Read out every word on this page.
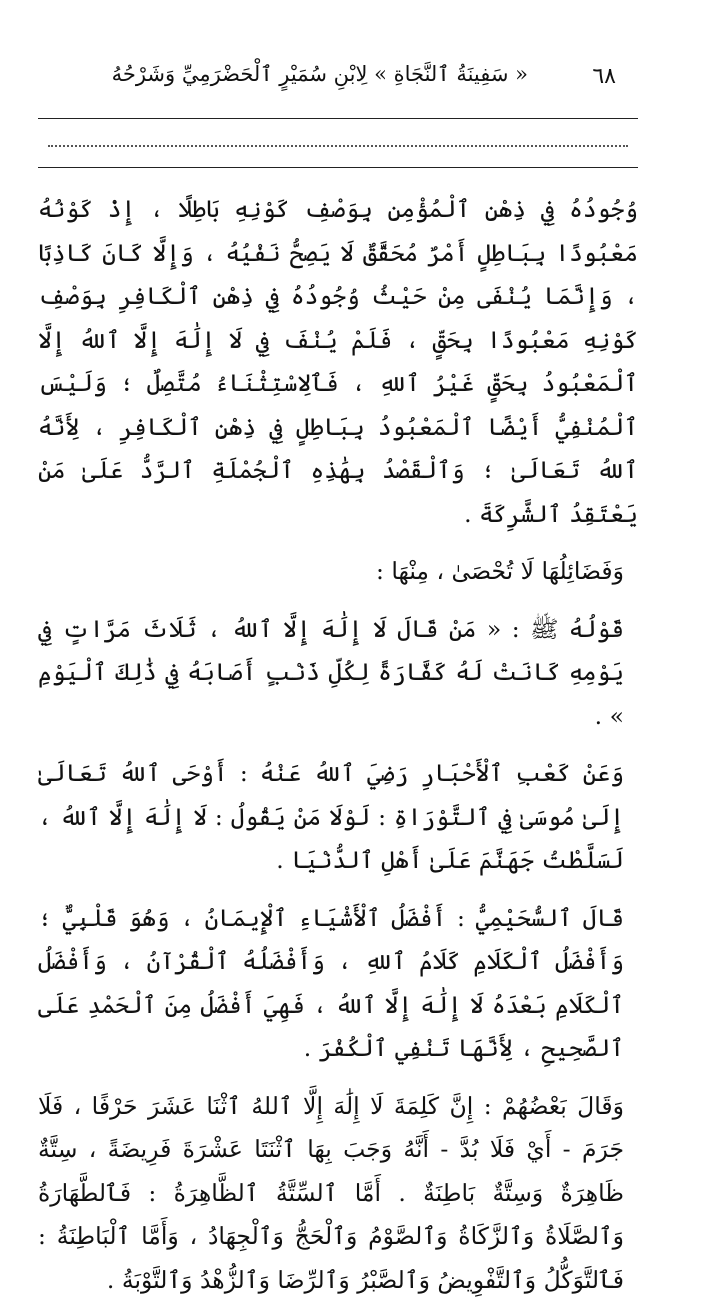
٦٨
« سَفِينَةُ ٱلنَّجَاةِ » لِابْنِ سُمَيْرٍ ٱلْحَضْرَمِيِّ وَشَرْحُهُ

وُجُودُهُ فِي ذِهْنِ ٱلْمُؤْمِنِ بِوَصْفِ كَوْنِهِ بَاطِلًا ، إِذْ كَوْنُهُ مَعْبُودًا بِبَاطِلٍ أَمْرٌ مُحَقَّقٌ لَا يَصِحُّ نَفْيُهُ ، وَإِلَّا كَانَ كَاذِبًا ، وَإِنَّمَا يُنْفَى مِنْ حَيْثُ وُجُودُهُ فِي ذِهْنِ ٱلْكَافِرِ بِوَصْفِ كَوْنِهِ مَعْبُودًا بِحَقٍّ ، فَلَمْ يُنْفَ فِي لَا إِلَٰهَ إِلَّا ٱللهُ إِلَّا ٱلْمَعْبُودُ بِحَقٍّ غَيْرُ ٱللهِ ، فَٱلِاسْتِثْنَاءُ مُتَّصِلٌ ؛ وَلَيْسَ ٱلْمُنْفِيُّ أَيْضًا ٱلْمَعْبُودُ بِبَاطِلٍ فِي ذِهْنِ ٱلْكَافِرِ ، لِأَنَّهُ ٱللهُ تَعَالَىٰ ؛ وَٱلْقَصْدُ بِهَٰذِهِ ٱلْجُمْلَةِ ٱلرَّدُّ عَلَىٰ مَنْ يَعْتَقِدُ ٱلشَّرِكَةَ .

وَفَضَائِلُهَا لَا تُحْصَىٰ ، مِنْهَا :

قَوْلُهُ ﷺ : « مَنْ قَالَ لَا إِلَٰهَ إِلَّا ٱللهُ ، ثَلَاثَ مَرَّاتٍ فِي يَوْمِهِ كَانَتْ لَهُ كَفَّارَةً لِكُلِّ ذَنْبٍ أَصَابَهُ فِي ذَٰلِكَ ٱلْيَوْمِ » .

وَعَنْ كَعْبِ ٱلْأَحْبَارِ رَضِيَ ٱللهُ عَنْهُ : أَوْحَى ٱللهُ تَعَالَىٰ إِلَىٰ مُوسَىٰ فِي ٱلتَّوْرَاةِ : لَوْلَا مَنْ يَقُولُ : لَا إِلَٰهَ إِلَّا ٱللهُ ، لَسَلَّطْتُ جَهَنَّمَ عَلَىٰ أَهْلِ ٱلدُّنْيَا .

قَالَ ٱلسُّحَيْمِيُّ : أَفْضَلُ ٱلْأَشْيَاءِ ٱلْإِيمَانُ ، وَهُوَ قَلْبِيٌّ ؛ وَأَفْضَلُ ٱلْكَلَامِ كَلَامُ ٱللهِ ، وَأَفْضَلُهُ ٱلْقُرْآنُ ، وَأَفْضَلُ ٱلْكَلَامِ بَعْدَهُ لَا إِلَٰهَ إِلَّا ٱللهُ ، فَهِيَ أَفْضَلُ مِنَ ٱلْحَمْدِ عَلَى ٱلصَّحِيحِ ، لِأَنَّهَا تَنْفِي ٱلْكُفْرَ .

وَقَالَ بَعْضُهُمْ : إِنَّ كَلِمَةَ لَا إِلَٰهَ إِلَّا ٱللهُ ٱثْنَا عَشَرَ حَرْفًا ، فَلَا جَرَمَ - أَيْ فَلَا بُدَّ - أَنَّهُ وَجَبَ بِهَا ٱثْنَتَا عَشْرَةَ فَرِيضَةً ، سِتَّةٌ ظَاهِرَةٌ وَسِتَّةٌ بَاطِنَةٌ . أَمَّا ٱلسِّتَّةُ ٱلظَّاهِرَةُ : فَٱلطَّهَارَةُ وَٱلصَّلَاةُ وَٱلزَّكَاةُ وَٱلصَّوْمُ وَٱلْحَجُّ وَٱلْجِهَادُ ، وَأَمَّا ٱلْبَاطِنَةُ : فَٱلتَّوَكُّلُ وَٱلتَّفْوِيضُ وَٱلصَّبْرُ وَٱلرِّضَا وَٱلزُّهْدُ وَٱلتَّوْبَةُ .
